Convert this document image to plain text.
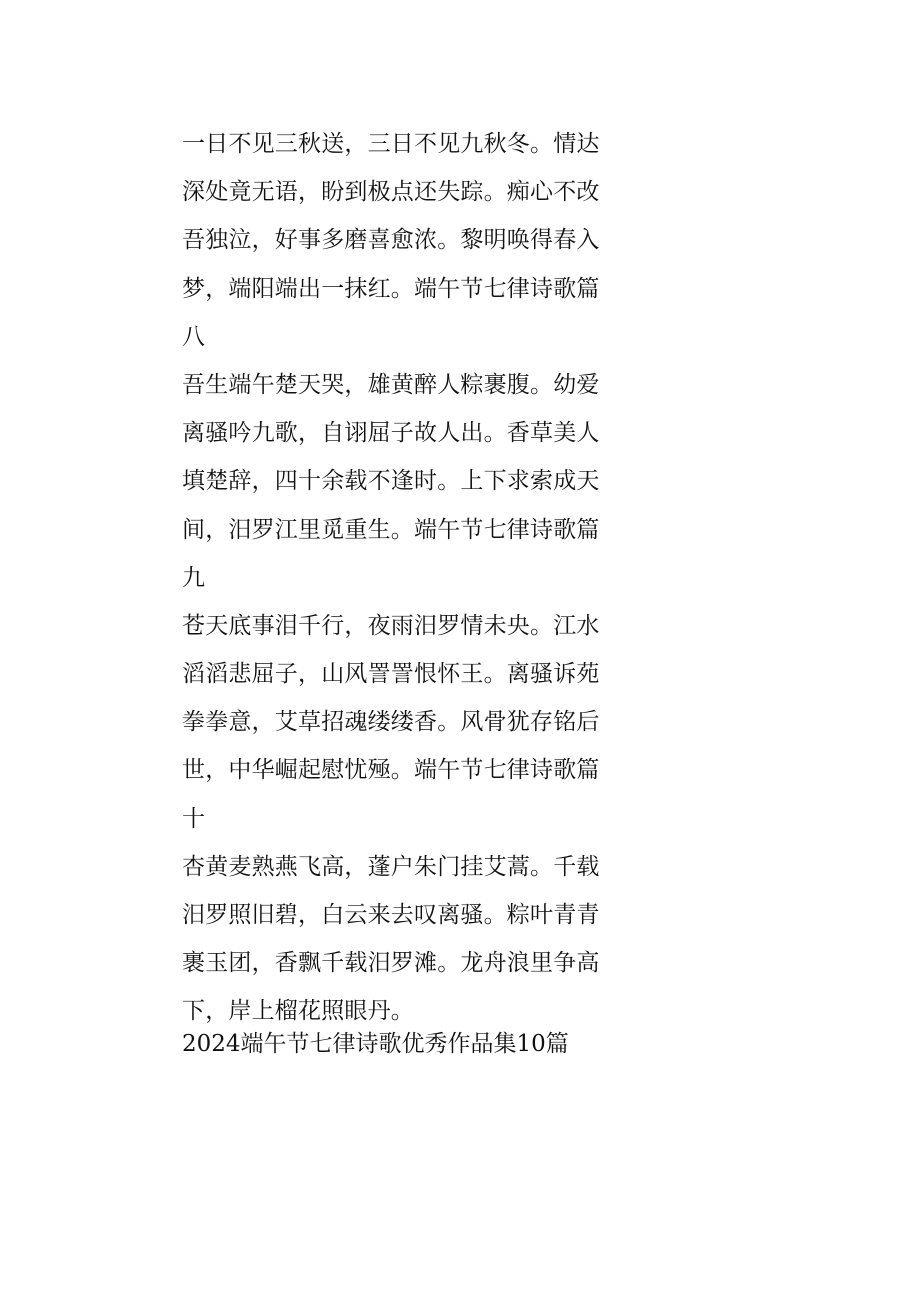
一日不见三秋送，三日不见九秋冬。情达
深处竟无语，盼到极点还失踪。痴心不改
吾独泣，好事多磨喜愈浓。黎明唤得春入
梦，端阳端出一抹红。端午节七律诗歌篇
八
吾生端午楚天哭，雄黄醉人粽裹腹。幼爱
离骚吟九歌，自诩屈子故人出。香草美人
填楚辞，四十余载不逢时。上下求索成天
间，汨罗江里觅重生。端午节七律诗歌篇
九
苍天底事泪千行，夜雨汨罗情未央。江水
滔滔悲屈子，山风詈詈恨怀王。离骚诉苑
拳拳意，艾草招魂缕缕香。风骨犹存铭后
世，中华崛起慰忧殛。端午节七律诗歌篇
十
杏黄麦熟燕飞高，蓬户朱门挂艾蒿。千载
汨罗照旧碧，白云来去叹离骚。粽叶青青
裹玉团，香飘千载汨罗滩。龙舟浪里争高
下，岸上榴花照眼丹。
2024端午节七律诗歌优秀作品集10篇
